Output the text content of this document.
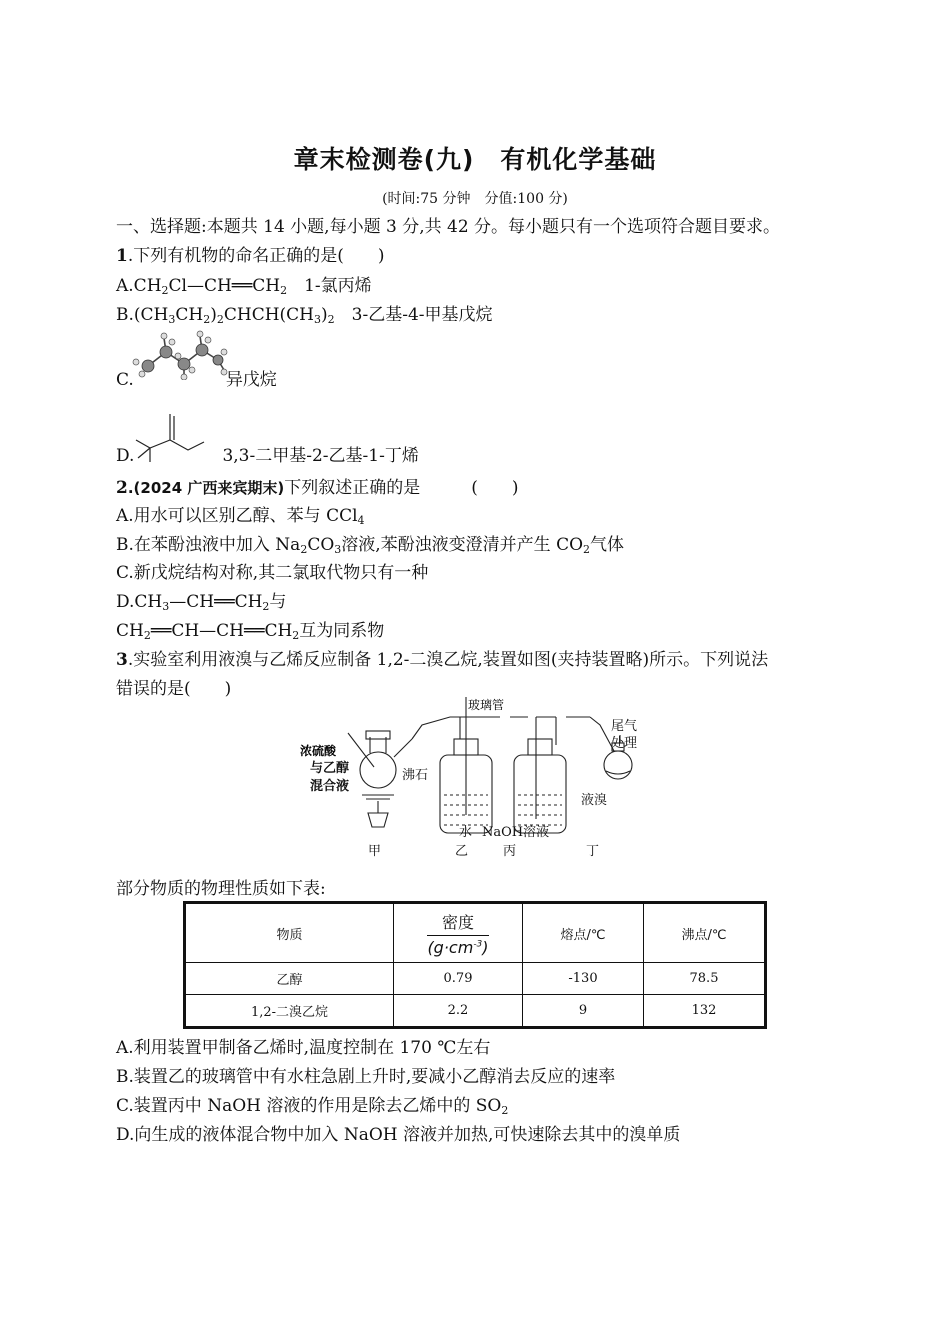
章末检测卷(九)　有机化学基础
(时间:75 分钟　分值:100 分)
一、选择题:本题共 14 小题,每小题 3 分,共 42 分。每小题只有一个选项符合题目要求。
1.下列有机物的命名正确的是(　　)
$A.CH_2Cl—CH══CH_2$　1-氯丙烯
$B.(CH_3CH_2)_2CHCH(CH_3)_2$　3-乙基-4-甲基戊烷
C.	异戊烷
D.	3,3-二甲基-2-乙基-1-丁烯
2.(2024 广西来宾期末)下列叙述正确的是　　　(　　)
A.用水可以区别乙醇、苯与 CCl$_4$
B.在苯酚浊液中加入 $Na_2CO_3$溶液,苯酚浊液变澄清并产生 $CO_2$气体
C.新戊烷结构对称,其二氯取代物只有一种
$D.CH_3—CH══CH_2$与
$CH_2══CH—CH══CH_2$互为同系物
3.实验室利用液溴与乙烯反应制备 1,2-二溴乙烷,装置如图(夹持装置略)所示。下列说法
错误的是(　　)
玻璃管
浓硫酸
尾气
处理

与乙醇
混合液
沸石
液溴
水 NaOH溶液
甲	乙	丙	丁
部分物质的物理性质如下表:
物质	$\frac{\text{密度}}{(g\cdot cm^{-3})}$	熔点/℃	沸点/℃
乙醇	0.79	-130	78.5
1,2-二溴乙烷	2.2	9	132
A.利用装置甲制备乙烯时,温度控制在 170 ℃左右
B.装置乙的玻璃管中有水柱急剧上升时,要减小乙醇消去反应的速率
C.装置丙中 NaOH 溶液的作用是除去乙烯中的 $SO_2$
D.向生成的液体混合物中加入 NaOH 溶液并加热,可快速除去其中的溴单质
